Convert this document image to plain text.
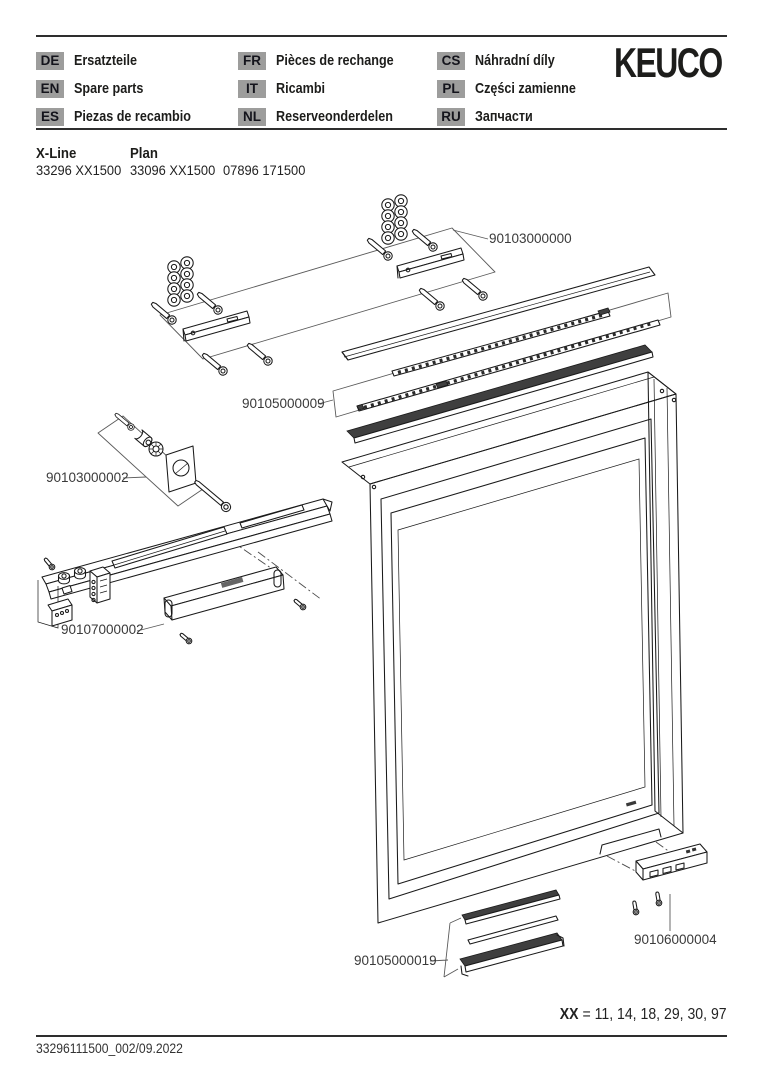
DE Ersatzteile
EN Spare parts
ES Piezas de recambio
FR Pièces de rechange
IT Ricambi
NL Reserveonderdelen
CS Náhradní díly
PL Części zamienne
RU Запчасти
KEUCO
X-Line	Plan
33296 XX1500 33096 XX1500 07896 171500
90103000000
90105000009
90103000002
90107000002
90105000019
90106000004
XX = 11, 14, 18, 29, 30, 97
33296111500_002/09.2022
